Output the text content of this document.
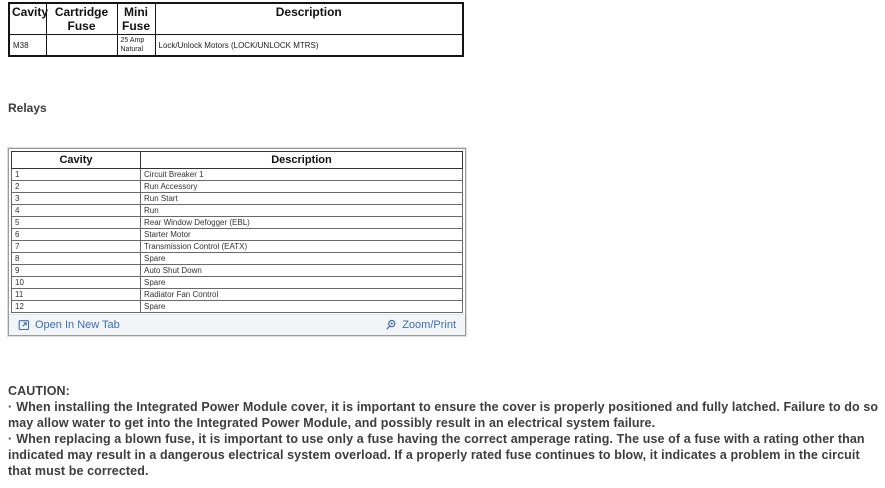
Cavity	Cartridge Fuse	Mini Fuse	Description
M38		25 Amp Natural	Lock/Unlock Motors (LOCK/UNLOCK MTRS)
Relays
Cavity	Description
1	Circuit Breaker 1
2	Run Accessory
3	Run Start
4	Run
5	Rear Window Defogger (EBL)
6	Starter Motor
7	Transmission Control (EATX)
8	Spare
9	Auto Shut Down
10	Spare
11	Radiator Fan Control
12	Spare
Open In New Tab	Zoom/Print
CAUTION:
· When installing the Integrated Power Module cover, it is important to ensure the cover is properly positioned and fully latched. Failure to do so may allow water to get into the Integrated Power Module, and possibly result in an electrical system failure.
· When replacing a blown fuse, it is important to use only a fuse having the correct amperage rating. The use of a fuse with a rating other than indicated may result in a dangerous electrical system overload. If a properly rated fuse continues to blow, it indicates a problem in the circuit that must be corrected.
